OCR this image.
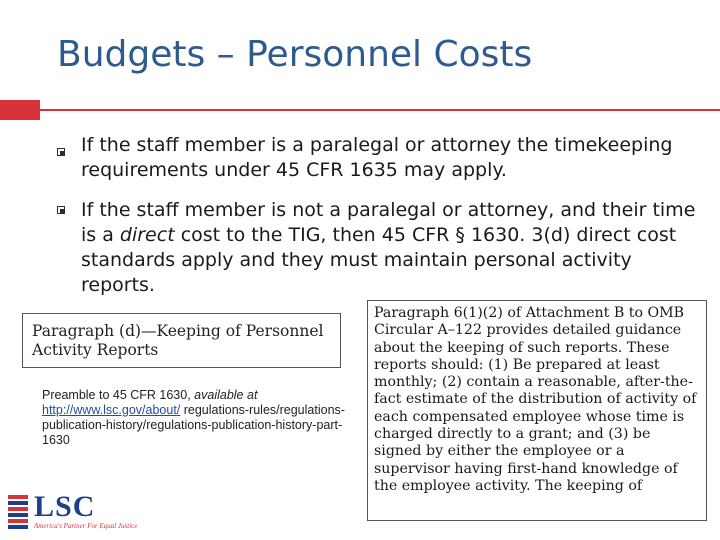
Budgets – Personnel Costs
If the staff member is a paralegal or attorney the timekeeping requirements under 45 CFR 1635 may apply.
If the staff member is not a paralegal or attorney, and their time is a direct cost to the TIG, then 45 CFR § 1630. 3(d) direct cost standards apply and they must maintain personal activity reports.
Paragraph (d)—Keeping of Personnel
Activity Reports
Preamble to 45 CFR 1630, available at http://www.lsc.gov/about/ regulations-rules/regulations-publication-history/regulations-publication-history-part-1630
Paragraph 6(1)(2) of Attachment B to OMB Circular A–122 provides detailed guidance about the keeping of such reports. These reports should: (1) Be prepared at least monthly; (2) contain a reasonable, after-the-fact estimate of the distribution of activity of each compensated employee whose time is charged directly to a grant; and (3) be signed by either the employee or a supervisor having first-hand knowledge of the employee activity. The keeping of
LSC
America's Partner For Equal Justice
